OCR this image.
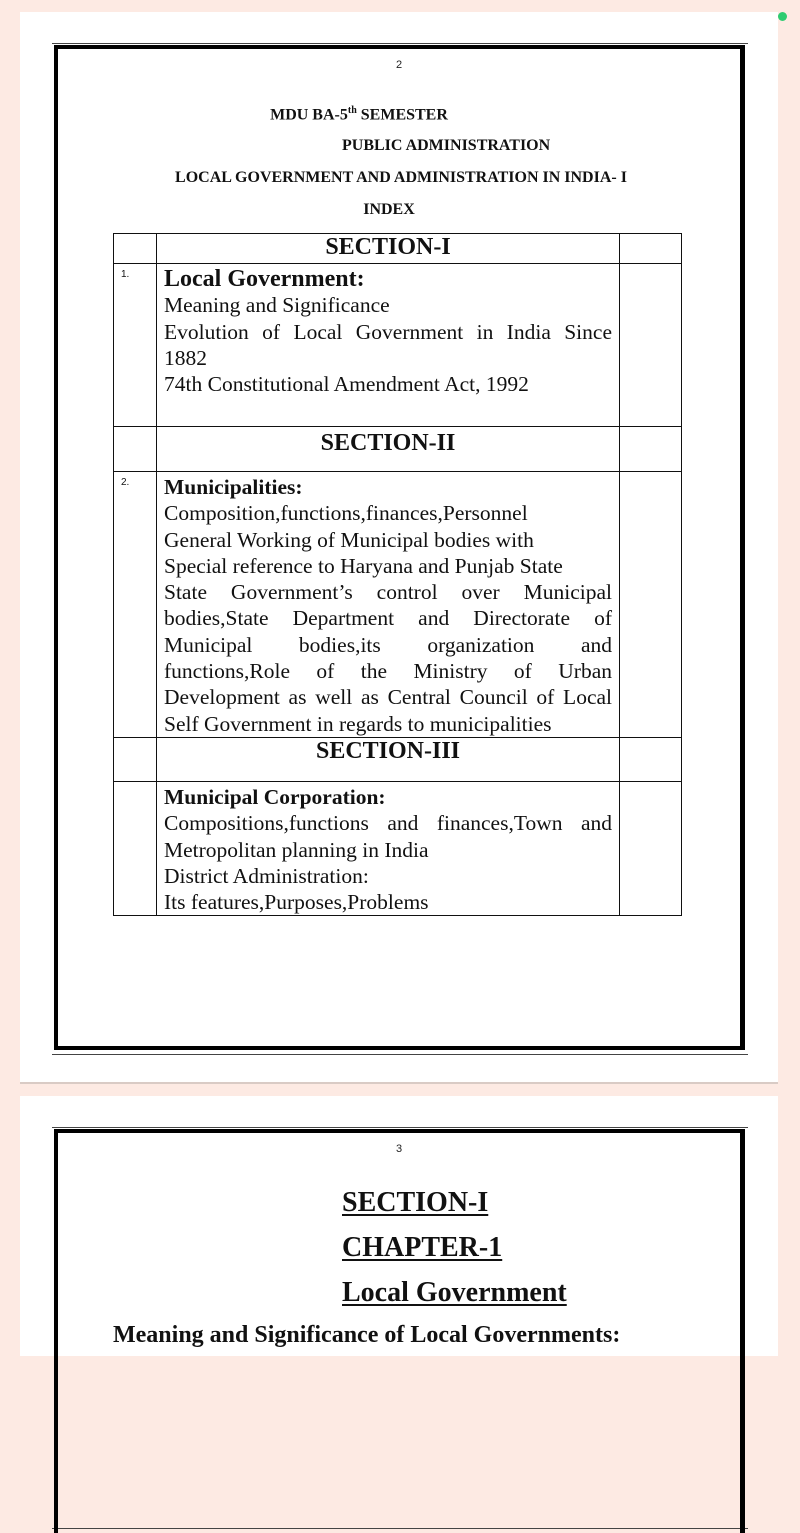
2
MDU BA-5th SEMESTER
PUBLIC ADMINISTRATION
LOCAL GOVERNMENT AND ADMINISTRATION IN INDIA- I
INDEX
	SECTION-I	
1.	Local Government:
Meaning and Significance
Evolution of Local Government in India Since 1882
74th Constitutional Amendment Act, 1992	

	SECTION-II	
2.	Municipalities:
Composition,functions,finances,Personnel
General Working of Municipal bodies with
Special reference to Haryana and Punjab State
State Government’s control over Municipal bodies,State Department and Directorate of Municipal bodies,its organization and functions,Role of the Ministry of Urban Development as well as Central Council of Local Self Government in regards to municipalities	

	SECTION-III	

	Municipal Corporation:
Compositions,functions and finances,Town and Metropolitan planning in India
District Administration:
Its features,Purposes,Problems	

3
SECTION-I
CHAPTER-1
Local Government
Meaning and Significance of Local Governments:
